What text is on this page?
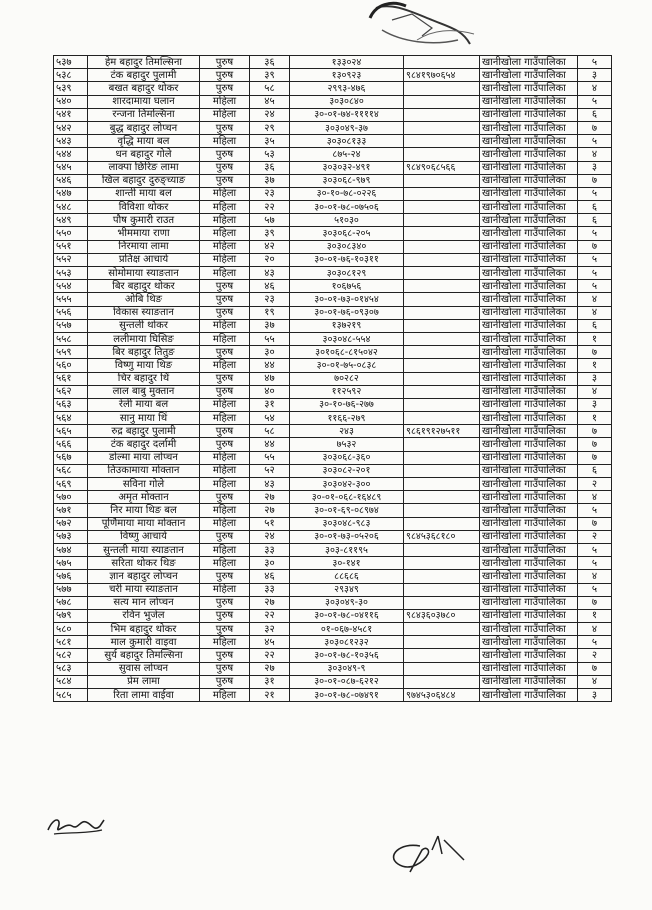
५३७	हेम बहादुर तिमल्सिना	पुरुष	३६	१३३०२४		खानीखोला गाउँपालिका	५
५३८	टंक बहादुर पुलामी	पुरुष	३९	१३०९२३	९८४१९७०६५४	खानीखोला गाउँपालिका	३
५३९	बखत बहादुर थोकर	पुरुष	५८	२९९३-४७६		खानीखोला गाउँपालिका	४
५४०	शारदामाया घलान	महिला	४५	३०३०८४०		खानीखोला गाउँपालिका	५
५४१	रन्जना तिमल्सिना	महिला	२४	३०-०१-७४-११११४		खानीखोला गाउँपालिका	६
५४२	बुद्ध बहादुर लोप्चन	पुरुष	२९	३०३०४९-३७		खानीखोला गाउँपालिका	७
५४३	वृद्धि माया बल	महिला	३५	३०३०८१३३		खानीखोला गाउँपालिका	५
५४४	धन बहादुर गोले	पुरुष	५३	८७५-२४		खानीखोला गाउँपालिका	४
५४५	लाक्पा छिरिङ लामा	पुरुष	३६	३०३०३२-४९१	९८४९०६८५६६	खानीखोला गाउँपालिका	३
५४६	खिल बहादुर दुरुङ्च्याङ	पुरुष	३७	३०३०६८-९७९		खानीखोला गाउँपालिका	७
५४७	शान्ती माया बल	महिला	२३	३०-१०-७८-०२२६		खानीखोला गाउँपालिका	५
५४८	विविशा थोकर	महिला	२२	३०-०१-७८-०७५०६		खानीखोला गाउँपालिका	६
५४९	पौष कुमारी राउत	महिला	५७	५१०३०		खानीखोला गाउँपालिका	६
५५०	भीममाया राणा	महिला	३९	३०३०६८-२०५		खानीखोला गाउँपालिका	५
५५१	निरमाया लामा	महिला	४२	३०३०८३४०		खानीखोला गाउँपालिका	७
५५२	प्रतिक्ष आचार्य	महिला	२०	३०-०१-७६-१०३११		खानीखोला गाउँपालिका	५
५५३	सोमोमाया स्याङतान	महिला	४३	३०३०८१२९		खानीखोला गाउँपालिका	५
५५४	बिर बहादुर थोकर	पुरुष	४६	१०६७५६		खानीखोला गाउँपालिका	५
५५५	ओबि थिङ	पुरुष	२३	३०-०१-७३-०१४५४		खानीखोला गाउँपालिका	४
५५६	विकास स्याङतान	पुरुष	१९	३०-०१-७६-०९३०७		खानीखोला गाउँपालिका	४
५५७	सुन्तली थोकर	महिला	३७	१३७२१९		खानीखोला गाउँपालिका	६
५५८	ललीमाया घिसिङ	महिला	५५	३०३०४८-५५४		खानीखोला गाउँपालिका	१
५५९	बिर बहादुर तितुङ	पुरुष	३०	३०१०६८-८१५०४२		खानीखोला गाउँपालिका	७
५६०	विष्णु माया थिङ	महिला	४४	३०-०१-७५-०८३८		खानीखोला गाउँपालिका	१
५६१	चिर बहादुर थिं	पुरुष	४७	७०२८२		खानीखोला गाउँपालिका	३
५६२	लाल बाबु मुक्तान	पुरुष	४०	११२५९२		खानीखोला गाउँपालिका	४
५६३	रेली माया बल	महिला	३१	३०-१०-७६-२७७		खानीखोला गाउँपालिका	३
५६४	सानु माया थिं	महिला	५४	११६६-२७९		खानीखोला गाउँपालिका	१
५६५	रुद्र बहादुर पुलामी	पुरुष	५८	२४३	९८६१९१२७५११	खानीखोला गाउँपालिका	७
५६६	टंक बहादुर दर्लामी	पुरुष	४४	७५३२		खानीखोला गाउँपालिका	७
५६७	डोल्मा माया लोप्चन	महिला	५५	३०३०६८-३६०		खानीखोला गाउँपालिका	७
५६८	तिउकामाया मोक्तान	महिला	५२	३०३०८२-२०१		खानीखोला गाउँपालिका	६
५६९	सविना गोले	महिला	४३	३०३०४२-३००		खानीखोला गाउँपालिका	२
५७०	अमृत मोक्तान	पुरुष	२७	३०-०१-०६८-१६४८९		खानीखोला गाउँपालिका	४
५७१	निर माया थिङ बल	महिला	२७	३०-०१-६९-०८९७४		खानीखोला गाउँपालिका	५
५७२	पूर्णिमाया माया मोक्तान	महिला	५१	३०३०४८-९८३		खानीखोला गाउँपालिका	७
५७३	विष्णु आचार्य	पुरुष	२४	३०-०१-७३-०५२०६	९८४५३६८१८०	खानीखोला गाउँपालिका	२
५७४	सुन्तली माया स्याङतान	महिला	३३	३०३-८११९५		खानीखोला गाउँपालिका	५
५७५	सरिता थोकर थिङ	महिला	३०	३०-१४१		खानीखोला गाउँपालिका	५
५७६	ज्ञान बहादुर लोप्चन	पुरुष	४६	८८६८६		खानीखोला गाउँपालिका	४
५७७	चरी माया स्याङतान	महिला	३३	२९३४९		खानीखोला गाउँपालिका	५
५७८	सत्य मान लोप्चन	पुरुष	२७	३०३०४९-३०		खानीखोला गाउँपालिका	७
५७९	रविन भुजेल	पुरुष	२२	३०-०१-७८-०४११६	९८४३६०३७८०	खानीखोला गाउँपालिका	१
५८०	भिम बहादुर थोकर	पुरुष	३२	०१-०६७-४५८१		खानीखोला गाउँपालिका	४
५८१	माल कुमारी वाइवा	महिला	४५	३०३०८१२३२		खानीखोला गाउँपालिका	५
५८२	सुर्य बहादुर तिमल्सिना	पुरुष	२२	३०-०१-७८-१०३५६		खानीखोला गाउँपालिका	२
५८३	सुवास लोप्चन	पुरुष	२७	३०३०४९-९		खानीखोला गाउँपालिका	७
५८४	प्रेम लामा	पुरुष	३१	३०-०१-०८७-६२१२		खानीखोला गाउँपालिका	४
५८५	रिता लामा वाईवा	महिला	२१	३०-०१-७८-०७४९१	९७४५३०६४८४	खानीखोला गाउँपालिका	३
